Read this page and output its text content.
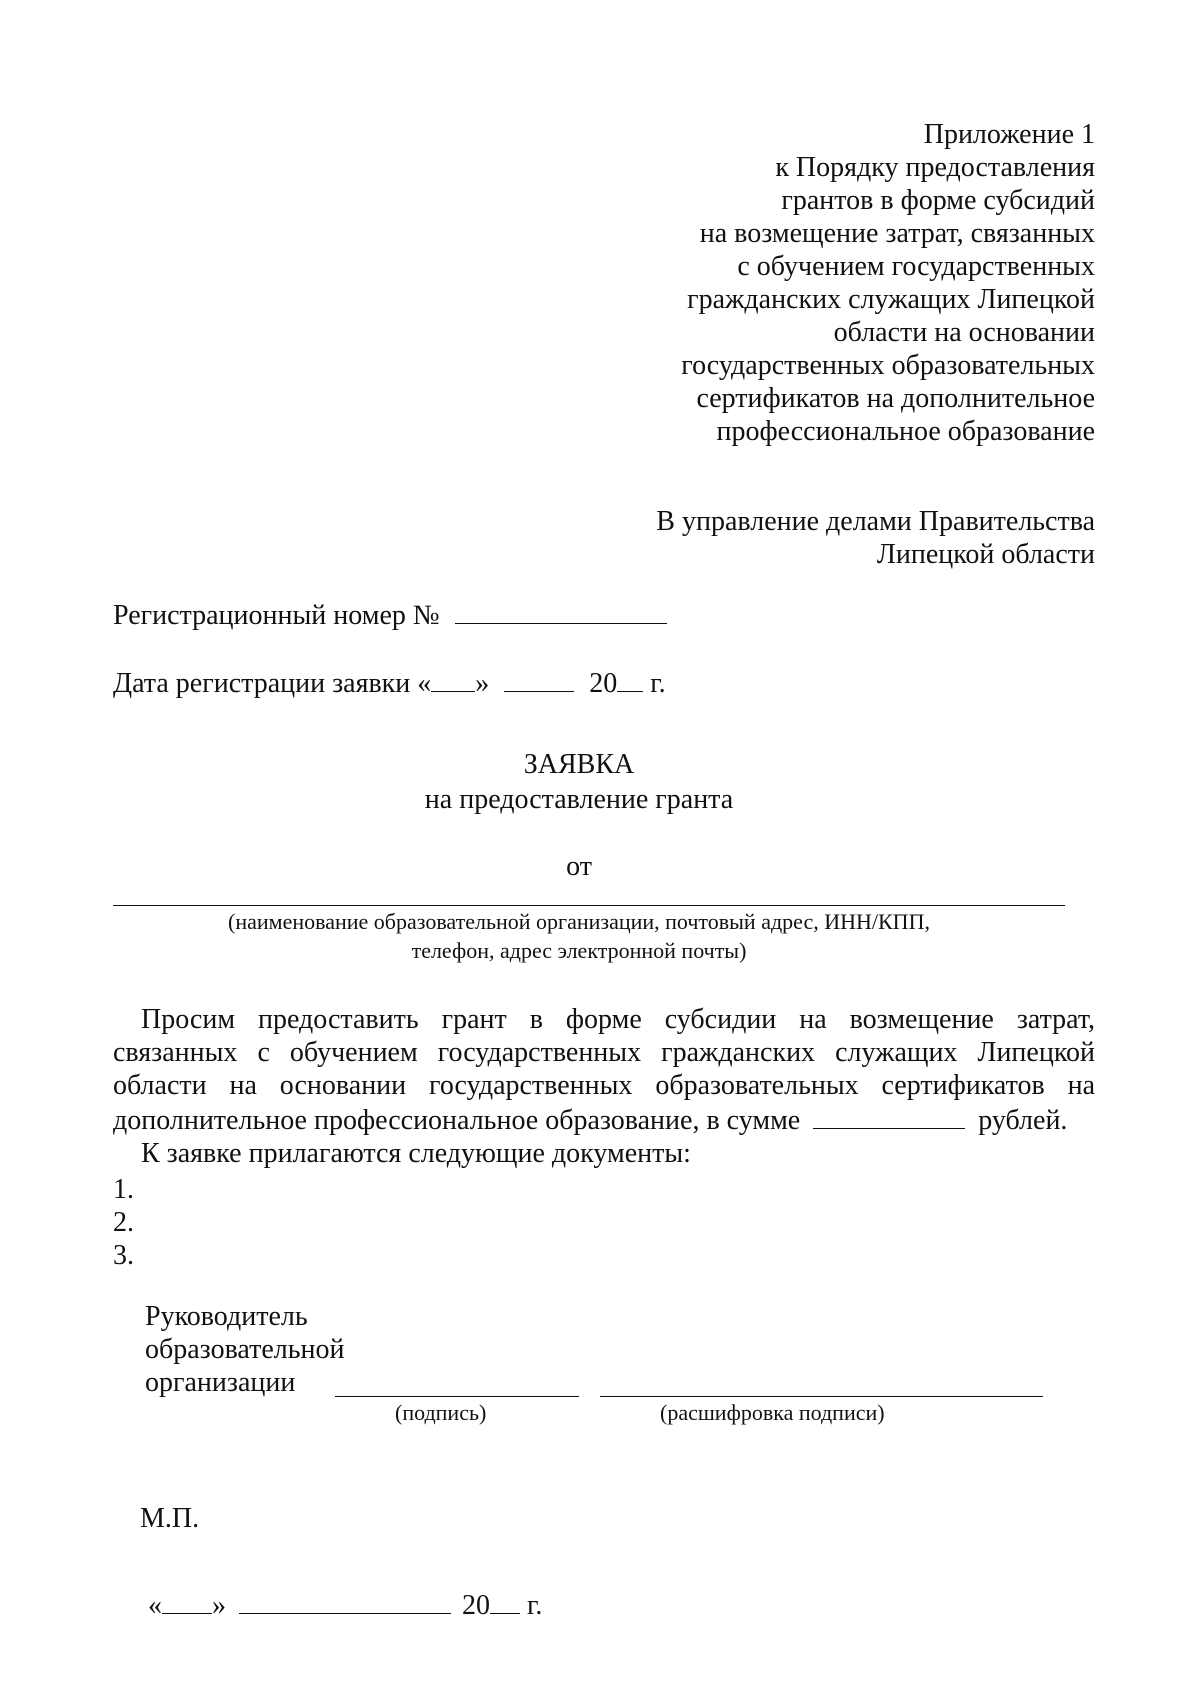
Приложение 1
к Порядку предоставления
грантов в форме субсидий
на возмещение затрат, связанных
с обучением государственных
гражданских служащих Липецкой
области на основании
государственных образовательных
сертификатов на дополнительное
профессиональное образование
В управление делами Правительства
Липецкой области
Регистрационный номер №
Дата регистрации заявки « »	20 г.
ЗАЯВКА
на предоставление гранта
от
(наименование образовательной организации, почтовый адрес, ИНН/КПП,
телефон, адрес электронной почты)

Просим предоставить грант в форме субсидии на возмещение затрат, связанных с обучением государственных гражданских служащих Липецкой области на основании государственных образовательных сертификатов на дополнительное профессиональное образование, в сумме	рублей.

К заявке прилагаются следующие документы:

1.
2.
3.
Руководитель
образовательной
организации
(подпись)	(расшифровка подписи)
М.П.
« »	20 г.
